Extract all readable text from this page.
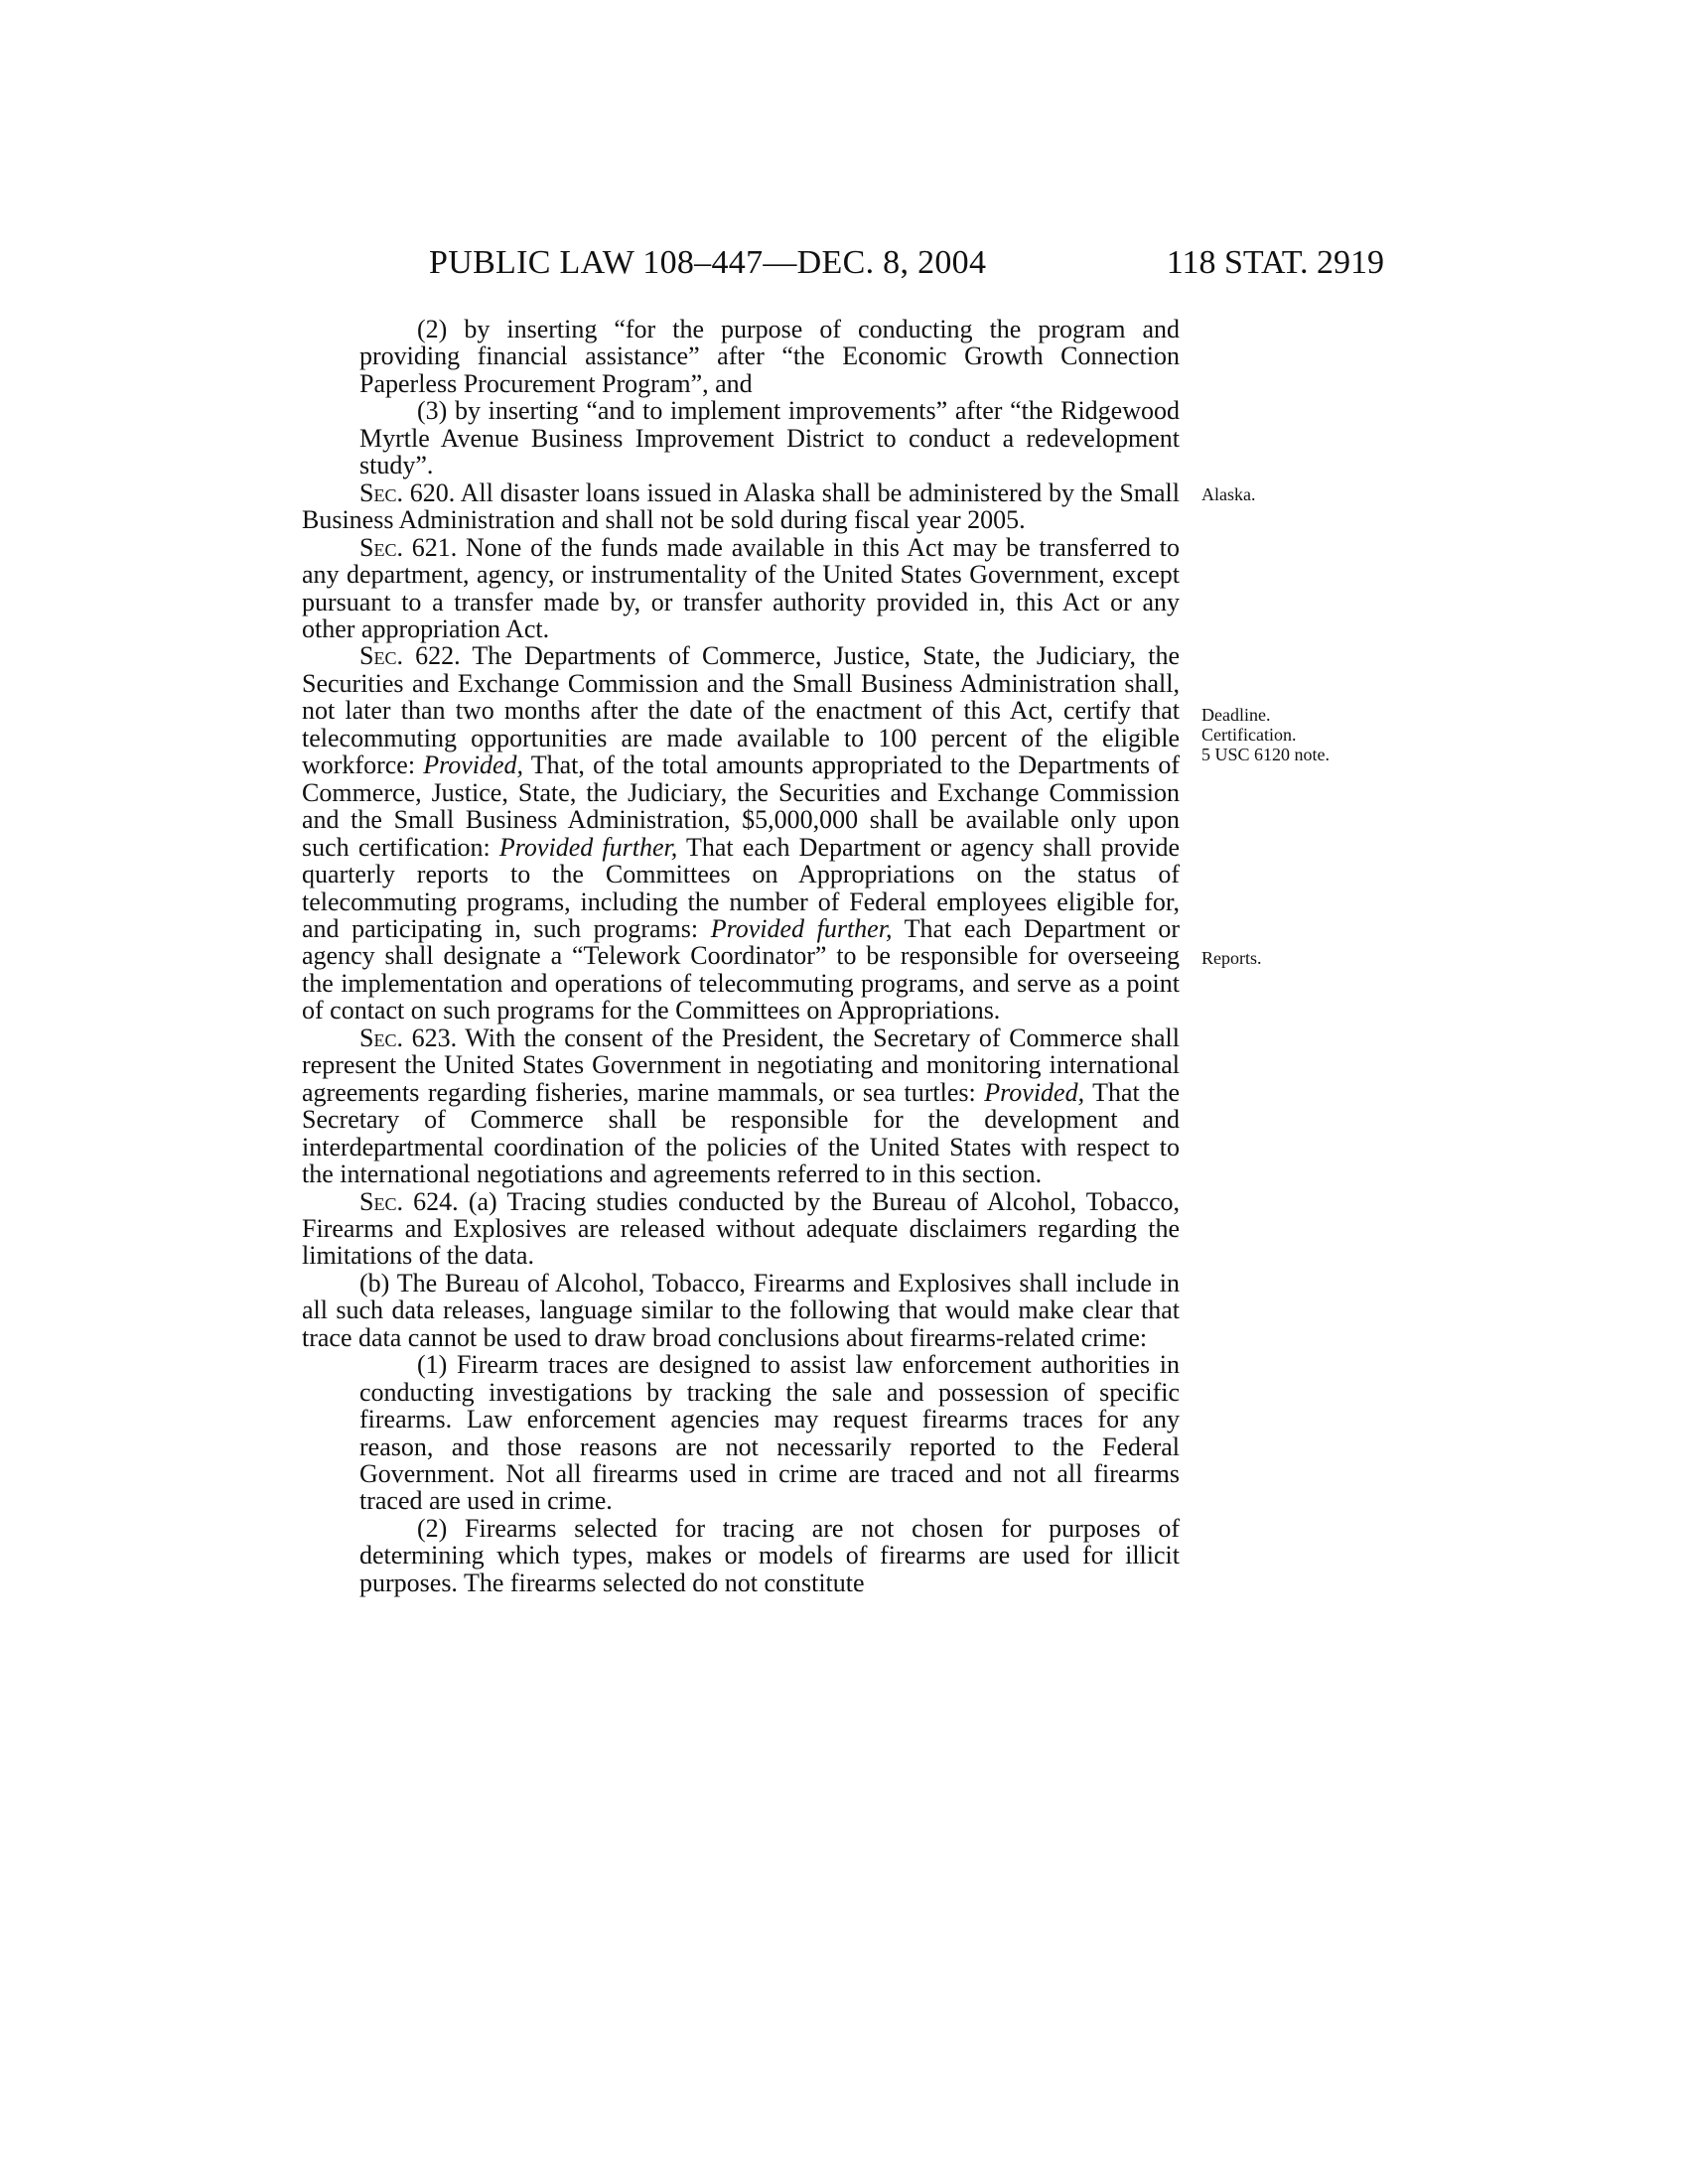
PUBLIC LAW 108–447—DEC. 8, 2004	118 STAT. 2919

(2) by inserting “for the purpose of conducting the program and providing financial assistance” after “the Economic Growth Connection Paperless Procurement Program”, and

(3) by inserting “and to implement improvements” after “the Ridgewood Myrtle Avenue Business Improvement District to conduct a redevelopment study”.

Sec. 620. All disaster loans issued in Alaska shall be administered by the Small Business Administration and shall not be sold during fiscal year 2005.

Sec. 621. None of the funds made available in this Act may be transferred to any department, agency, or instrumentality of the United States Government, except pursuant to a transfer made by, or transfer authority provided in, this Act or any other appropriation Act.

Sec. 622. The Departments of Commerce, Justice, State, the Judiciary, the Securities and Exchange Commission and the Small Business Administration shall, not later than two months after the date of the enactment of this Act, certify that telecommuting opportunities are made available to 100 percent of the eligible workforce: Provided, That, of the total amounts appropriated to the Departments of Commerce, Justice, State, the Judiciary, the Securities and Exchange Commission and the Small Business Administration, $5,000,000 shall be available only upon such certification: Provided further, That each Department or agency shall provide quarterly reports to the Committees on Appropriations on the status of telecommuting programs, including the number of Federal employees eligible for, and participating in, such programs: Provided further, That each Department or agency shall designate a “Telework Coordinator” to be responsible for overseeing the implementation and operations of telecommuting programs, and serve as a point of contact on such programs for the Committees on Appropriations.

Sec. 623. With the consent of the President, the Secretary of Commerce shall represent the United States Government in negotiating and monitoring international agreements regarding fisheries, marine mammals, or sea turtles: Provided, That the Secretary of Commerce shall be responsible for the development and interdepartmental coordination of the policies of the United States with respect to the international negotiations and agreements referred to in this section.

Sec. 624. (a) Tracing studies conducted by the Bureau of Alcohol, Tobacco, Firearms and Explosives are released without adequate disclaimers regarding the limitations of the data.

(b) The Bureau of Alcohol, Tobacco, Firearms and Explosives shall include in all such data releases, language similar to the following that would make clear that trace data cannot be used to draw broad conclusions about firearms-related crime:

(1) Firearm traces are designed to assist law enforcement authorities in conducting investigations by tracking the sale and possession of specific firearms. Law enforcement agencies may request firearms traces for any reason, and those reasons are not necessarily reported to the Federal Government. Not all firearms used in crime are traced and not all firearms traced are used in crime.

(2) Firearms selected for tracing are not chosen for purposes of determining which types, makes or models of firearms are used for illicit purposes. The firearms selected do not constitute

Alaska.
Deadline.
Certification.
5 USC 6120 note.
Reports.
